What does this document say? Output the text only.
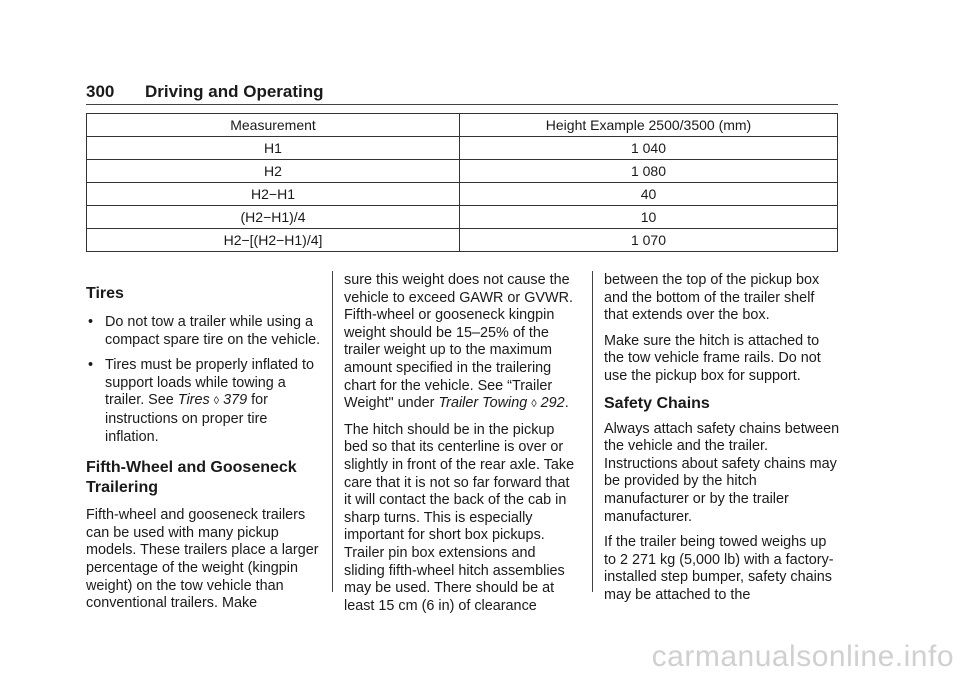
300 Driving and Operating
Measurement	Height Example 2500/3500 (mm)
H1	1 040
H2	1 080
H2−H1	40
(H2−H1)/4	10
H2−[(H2−H1)/4]	1 070
Tires
• Do not tow a trailer while using a compact spare tire on the vehicle.
• Tires must be properly inflated to support loads while towing a trailer. See Tires ◊ 379 for instructions on proper tire inflation.
Fifth-Wheel and Gooseneck Trailering

Fifth-wheel and gooseneck trailers can be used with many pickup models. These trailers place a larger percentage of the weight (kingpin weight) on the tow vehicle than conventional trailers. Make

sure this weight does not cause the vehicle to exceed GAWR or GVWR. Fifth-wheel or gooseneck kingpin weight should be 15–25% of the trailer weight up to the maximum amount specified in the trailering chart for the vehicle. See “Trailer Weight" under Trailer Towing ◊ 292.

The hitch should be in the pickup bed so that its centerline is over or slightly in front of the rear axle. Take care that it is not so far forward that it will contact the back of the cab in sharp turns. This is especially important for short box pickups. Trailer pin box extensions and sliding fifth-wheel hitch assemblies may be used. There should be at least 15 cm (6 in) of clearance

between the top of the pickup box and the bottom of the trailer shelf that extends over the box.

Make sure the hitch is attached to the tow vehicle frame rails. Do not use the pickup box for support.

Safety Chains

Always attach safety chains between the vehicle and the trailer. Instructions about safety chains may be provided by the hitch manufacturer or by the trailer manufacturer.

If the trailer being towed weighs up to 2 271 kg (5,000 lb) with a factory-installed step bumper, safety chains may be attached to the

carmanualsonline.info
